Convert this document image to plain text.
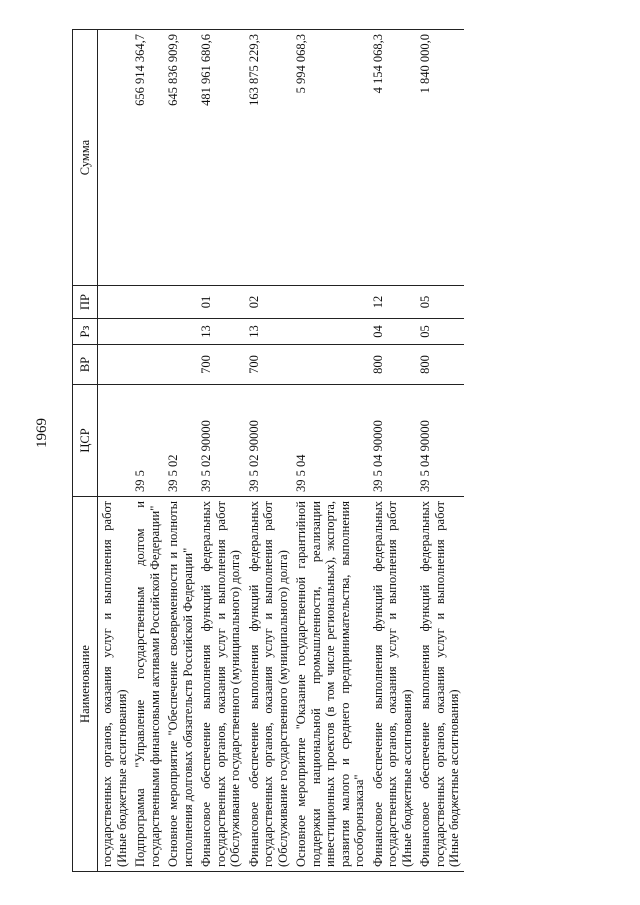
1969
Наименование	ЦСР	ВР	Рз	ПР	Сумма
государственных органов, оказания услуг и выполнения работ (Иные бюджетные ассигнования)					
Подпрограмма "Управление государственным долгом и государственными финансовыми активами Российской Федерации"	39 5				656 914 364,7
Основное мероприятие "Обеспечение своевременности и полноты исполнения долговых обязательств Российской Федерации"	39 5 02				645 836 909,9
Финансовое обеспечение выполнения функций федеральных государственных органов, оказания услуг и выполнения работ (Обслуживание государственного (муниципального) долга)	39 5 02 90000	700	13	01	481 961 680,6
Финансовое обеспечение выполнения функций федеральных государственных органов, оказания услуг и выполнения работ (Обслуживание государственного (муниципального) долга)	39 5 02 90000	700	13	02	163 875 229,3
Основное мероприятие "Оказание государственной гарантийной поддержки национальной промышленности, реализации инвестиционных проектов (в том числе региональных), экспорта, развития малого и среднего предпринимательства, выполнения гособоронзаказа"	39 5 04				5 994 068,3
Финансовое обеспечение выполнения функций федеральных государственных органов, оказания услуг и выполнения работ (Иные бюджетные ассигнования)	39 5 04 90000	800	04	12	4 154 068,3
Финансовое обеспечение выполнения функций федеральных государственных органов, оказания услуг и выполнения работ (Иные бюджетные ассигнования)	39 5 04 90000	800	05	05	1 840 000,0
